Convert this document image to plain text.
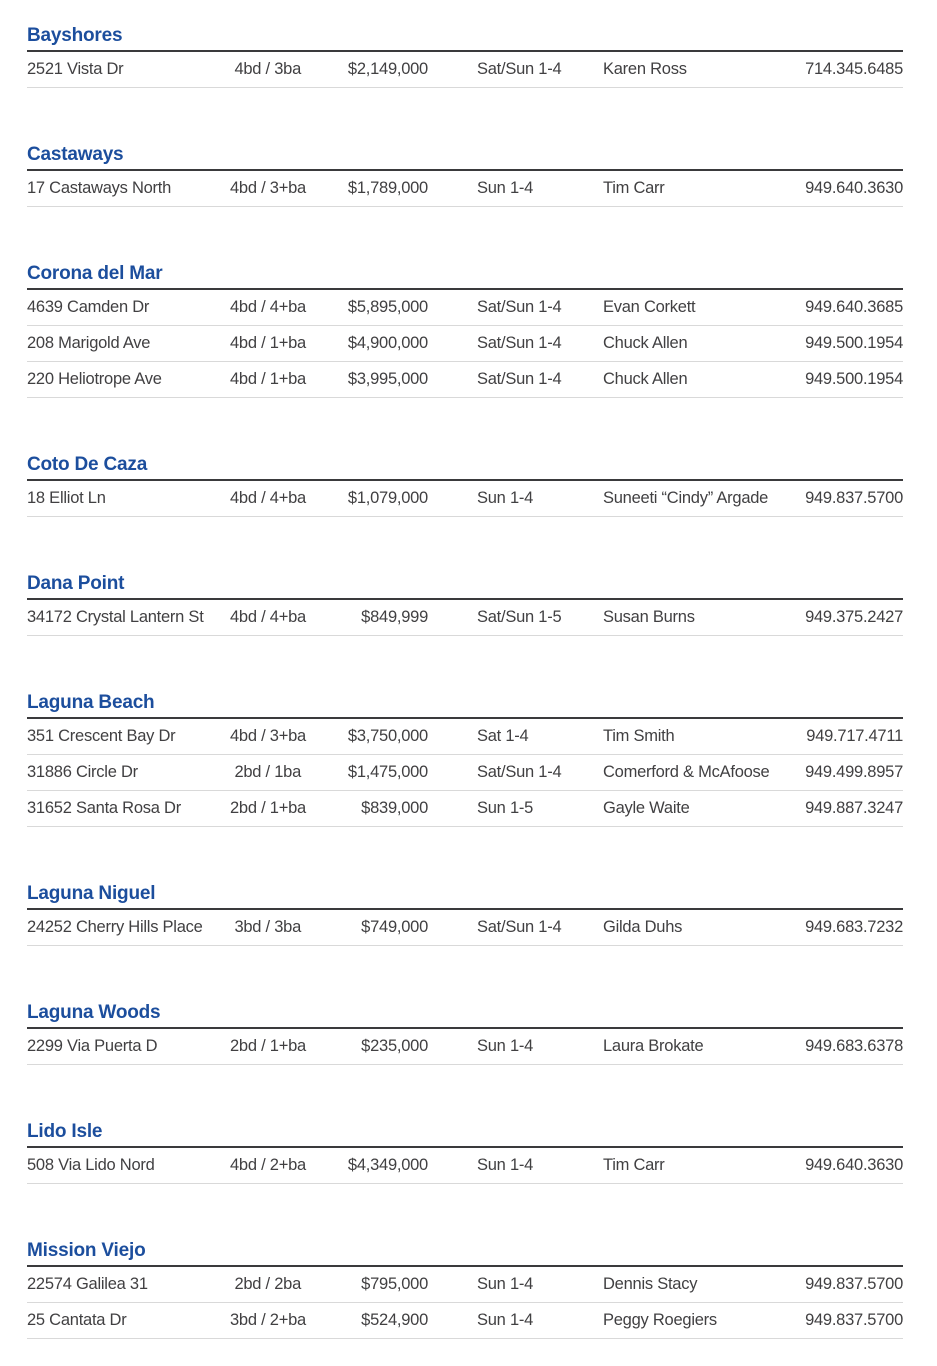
Bayshores
2521 Vista Dr	4bd / 3ba	$2,149,000	Sat/Sun 1-4	Karen Ross	714.345.6485
Castaways
17 Castaways North	4bd / 3+ba	$1,789,000	Sun 1-4	Tim Carr	949.640.3630
Corona del Mar
4639 Camden Dr	4bd / 4+ba	$5,895,000	Sat/Sun 1-4	Evan Corkett	949.640.3685
208 Marigold Ave	4bd / 1+ba	$4,900,000	Sat/Sun 1-4	Chuck Allen	949.500.1954
220 Heliotrope Ave	4bd / 1+ba	$3,995,000	Sat/Sun 1-4	Chuck Allen	949.500.1954
Coto De Caza
18 Elliot Ln	4bd / 4+ba	$1,079,000	Sun 1-4	Suneeti “Cindy” Argade	949.837.5700
Dana Point
34172 Crystal Lantern St	4bd / 4+ba	$849,999	Sat/Sun 1-5	Susan Burns	949.375.2427
Laguna Beach
351 Crescent Bay Dr	4bd / 3+ba	$3,750,000	Sat 1-4	Tim Smith	949.717.4711
31886 Circle Dr	2bd / 1ba	$1,475,000	Sat/Sun 1-4	Comerford & McAfoose	949.499.8957
31652 Santa Rosa Dr	2bd / 1+ba	$839,000	Sun 1-5	Gayle Waite	949.887.3247
Laguna Niguel
24252 Cherry Hills Place	3bd / 3ba	$749,000	Sat/Sun 1-4	Gilda Duhs	949.683.7232
Laguna Woods
2299 Via Puerta D	2bd / 1+ba	$235,000	Sun 1-4	Laura Brokate	949.683.6378
Lido Isle
508 Via Lido Nord	4bd / 2+ba	$4,349,000	Sun 1-4	Tim Carr	949.640.3630
Mission Viejo
22574 Galilea 31	2bd / 2ba	$795,000	Sun 1-4	Dennis Stacy	949.837.5700
25 Cantata Dr	3bd / 2+ba	$524,900	Sun 1-4	Peggy Roegiers	949.837.5700
